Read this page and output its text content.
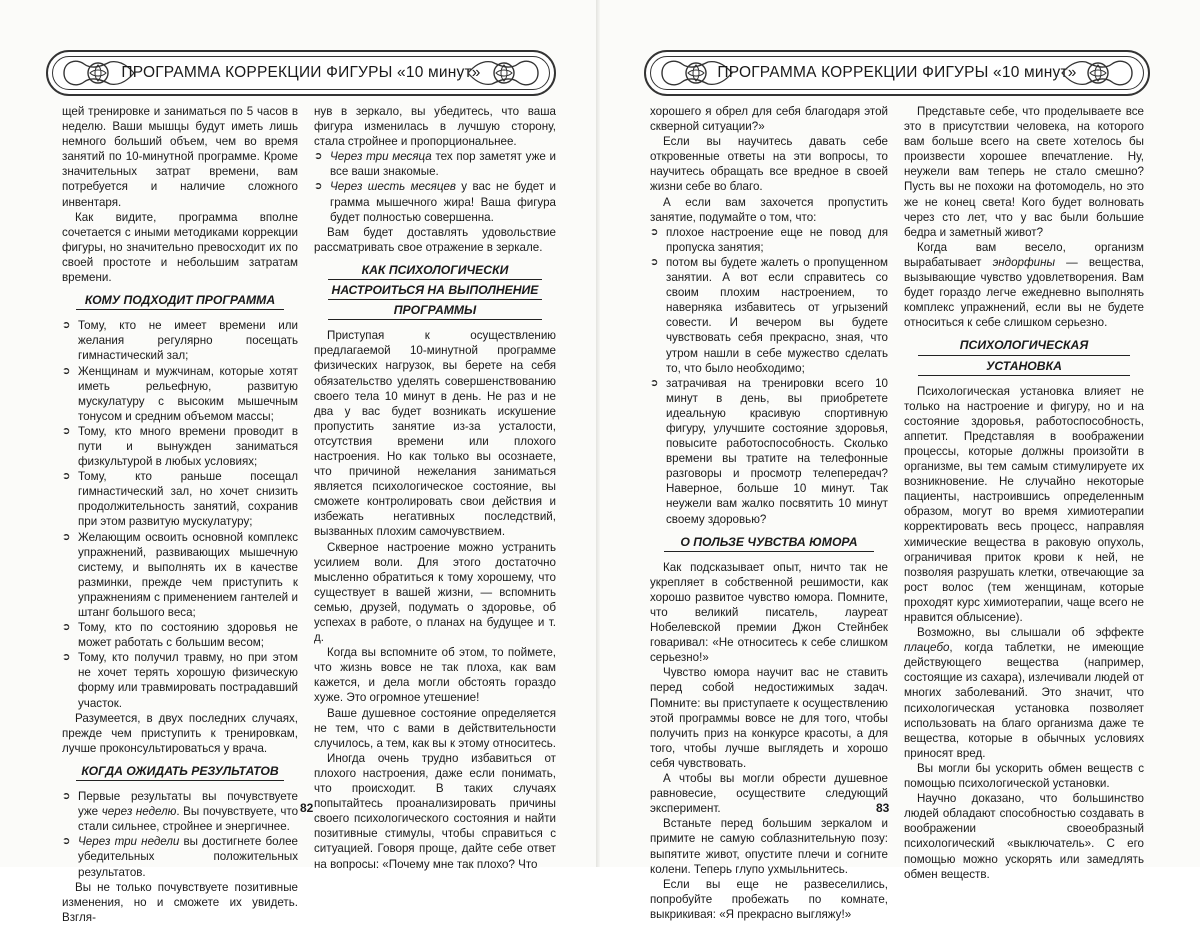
ПРОГРАММА КОРРЕКЦИИ ФИГУРЫ «10 минут»

щей тренировке и заниматься по 5 часов в неделю. Ваши мышцы будут иметь лишь немного больший объем, чем во время занятий по 10-минутной программе. Кроме значительных затрат времени, вам потребуется и наличие сложного инвентаря.

Как видите, программа вполне сочетается с иными методиками коррекции фигуры, но значительно превосходит их по своей простоте и небольшим затратам времени.

КОМУ ПОДХОДИТ ПРОГРАММА
➲ Тому, кто не имеет времени или желания регулярно посещать гимнастический зал;
➲ Женщинам и мужчинам, которые хотят иметь рельефную, развитую мускулатуру с высоким мышечным тонусом и средним объемом массы;
➲ Тому, кто много времени проводит в пути и вынужден заниматься физкультурой в любых условиях;
➲ Тому, кто раньше посещал гимнастический зал, но хочет снизить продолжительность занятий, сохранив при этом развитую мускулатуру;
➲ Желающим освоить основной комплекс упражнений, развивающих мышечную систему, и выполнять их в качестве разминки, прежде чем приступить к упражнениям с применением гантелей и штанг большого веса;
➲ Тому, кто по состоянию здоровья не может работать с большим весом;
➲ Тому, кто получил травму, но при этом не хочет терять хорошую физическую форму или травмировать пострадавший участок.

Разумеется, в двух последних случаях, прежде чем приступить к тренировкам, лучше проконсультироваться у врача.

КОГДА ОЖИДАТЬ РЕЗУЛЬТАТОВ
➲ Первые результаты вы почувствуете уже через неделю. Вы почувствуете, что стали сильнее, стройнее и энергичнее.
➲ Через три недели вы достигнете более убедительных положительных результатов.

Вы не только почувствуете позитивные изменения, но и сможете их увидеть. Взгля-

нув в зеркало, вы убедитесь, что ваша фигура изменилась в лучшую сторону, стала стройнее и пропорциональнее.

➲ Через три месяца тех пор заметят уже и все ваши знакомые.
➲ Через шесть месяцев у вас не будет и грамма мышечного жира! Ваша фигура будет полностью совершенна.

Вам будет доставлять удовольствие рассматривать свое отражение в зеркале.

КАК ПСИХОЛОГИЧЕСКИ
НАСТРОИТЬСЯ НА ВЫПОЛНЕНИЕ
ПРОГРАММЫ

Приступая к осуществлению предлагаемой 10-минутной программе физических нагрузок, вы берете на себя обязательство уделять совершенствованию своего тела 10 минут в день. Не раз и не два у вас будет возникать искушение пропустить занятие из-за усталости, отсутствия времени или плохого настроения. Но как только вы осознаете, что причиной нежелания заниматься является психологическое состояние, вы сможете контролировать свои действия и избежать негативных последствий, вызванных плохим самочувствием.

Скверное настроение можно устранить усилием воли. Для этого достаточно мысленно обратиться к тому хорошему, что существует в вашей жизни, — вспомнить семью, друзей, подумать о здоровье, об успехах в работе, о планах на будущее и т. д.

Когда вы вспомните об этом, то поймете, что жизнь вовсе не так плоха, как вам кажется, и дела могли обстоять гораздо хуже. Это огромное утешение!

Ваше душевное состояние определяется не тем, что с вами в действительности случилось, а тем, как вы к этому относитесь.

Иногда очень трудно избавиться от плохого настроения, даже если понимать, что происходит. В таких случаях попытайтесь проанализировать причины своего психологического состояния и найти позитивные стимулы, чтобы справиться с ситуацией. Говоря проще, дайте себе ответ на вопросы: «Почему мне так плохо? Что

82
ПРОГРАММА КОРРЕКЦИИ ФИГУРЫ «10 минут»

хорошего я обрел для себя благодаря этой скверной ситуации?»

Если вы научитесь давать себе откровенные ответы на эти вопросы, то научитесь обращать все вредное в своей жизни себе во благо.

А если вам захочется пропустить занятие, подумайте о том, что:

➲ плохое настроение еще не повод для пропуска занятия;
➲ потом вы будете жалеть о пропущенном занятии. А вот если справитесь со своим плохим настроением, то наверняка избавитесь от угрызений совести. И вечером вы будете чувствовать себя прекрасно, зная, что утром нашли в себе мужество сделать то, что было необходимо;
➲ затрачивая на тренировки всего 10 минут в день, вы приобретете идеальную красивую спортивную фигуру, улучшите состояние здоровья, повысите работоспособность. Сколько времени вы тратите на телефонные разговоры и просмотр телепередач? Наверное, больше 10 минут. Так неужели вам жалко посвятить 10 минут своему здоровью?
О ПОЛЬЗЕ ЧУВСТВА ЮМОРА

Как подсказывает опыт, ничто так не укрепляет в собственной решимости, как хорошо развитое чувство юмора. Помните, что великий писатель, лауреат Нобелевской премии Джон Стейнбек говаривал: «Не относитесь к себе слишком серьезно!»

Чувство юмора научит вас не ставить перед собой недостижимых задач. Помните: вы приступаете к осуществлению этой программы вовсе не для того, чтобы получить приз на конкурсе красоты, а для того, чтобы лучше выглядеть и хорошо себя чувствовать.

А чтобы вы могли обрести душевное равновесие, осуществите следующий эксперимент.

Встаньте перед большим зеркалом и примите не самую соблазнительную позу: выпятите живот, опустите плечи и согните колени. Теперь глупо ухмыльнитесь.

Если вы еще не развеселились, попробуйте пробежать по комнате, выкрикивая: «Я прекрасно выгляжу!»

Представьте себе, что проделываете все это в присутствии человека, на которого вам больше всего на свете хотелось бы произвести хорошее впечатление. Ну, неужели вам теперь не стало смешно? Пусть вы не похожи на фотомодель, но это же не конец света! Кого будет волновать через сто лет, что у вас были большие бедра и заметный живот?

Когда вам весело, организм вырабатывает эндорфины — вещества, вызывающие чувство удовлетворения. Вам будет гораздо легче ежедневно выполнять комплекс упражнений, если вы не будете относиться к себе слишком серьезно.

ПСИХОЛОГИЧЕСКАЯ
УСТАНОВКА

Психологическая установка влияет не только на настроение и фигуру, но и на состояние здоровья, работоспособность, аппетит. Представляя в воображении процессы, которые должны произойти в организме, вы тем самым стимулируете их возникновение. Не случайно некоторые пациенты, настроившись определенным образом, могут во время химиотерапии корректировать весь процесс, направляя химические вещества в раковую опухоль, ограничивая приток крови к ней, не позволяя разрушать клетки, отвечающие за рост волос (тем женщинам, которые проходят курс химиотерапии, чаще всего не нравится облысение).

Возможно, вы слышали об эффекте плацебо, когда таблетки, не имеющие действующего вещества (например, состоящие из сахара), излечивали людей от многих заболеваний. Это значит, что психологическая установка позволяет использовать на благо организма даже те вещества, которые в обычных условиях приносят вред.

Вы могли бы ускорить обмен веществ с помощью психологической установки.

Научно доказано, что большинство людей обладают способностью создавать в воображении своеобразный психологический «выключатель». С его помощью можно ускорять или замедлять обмен веществ.

83
